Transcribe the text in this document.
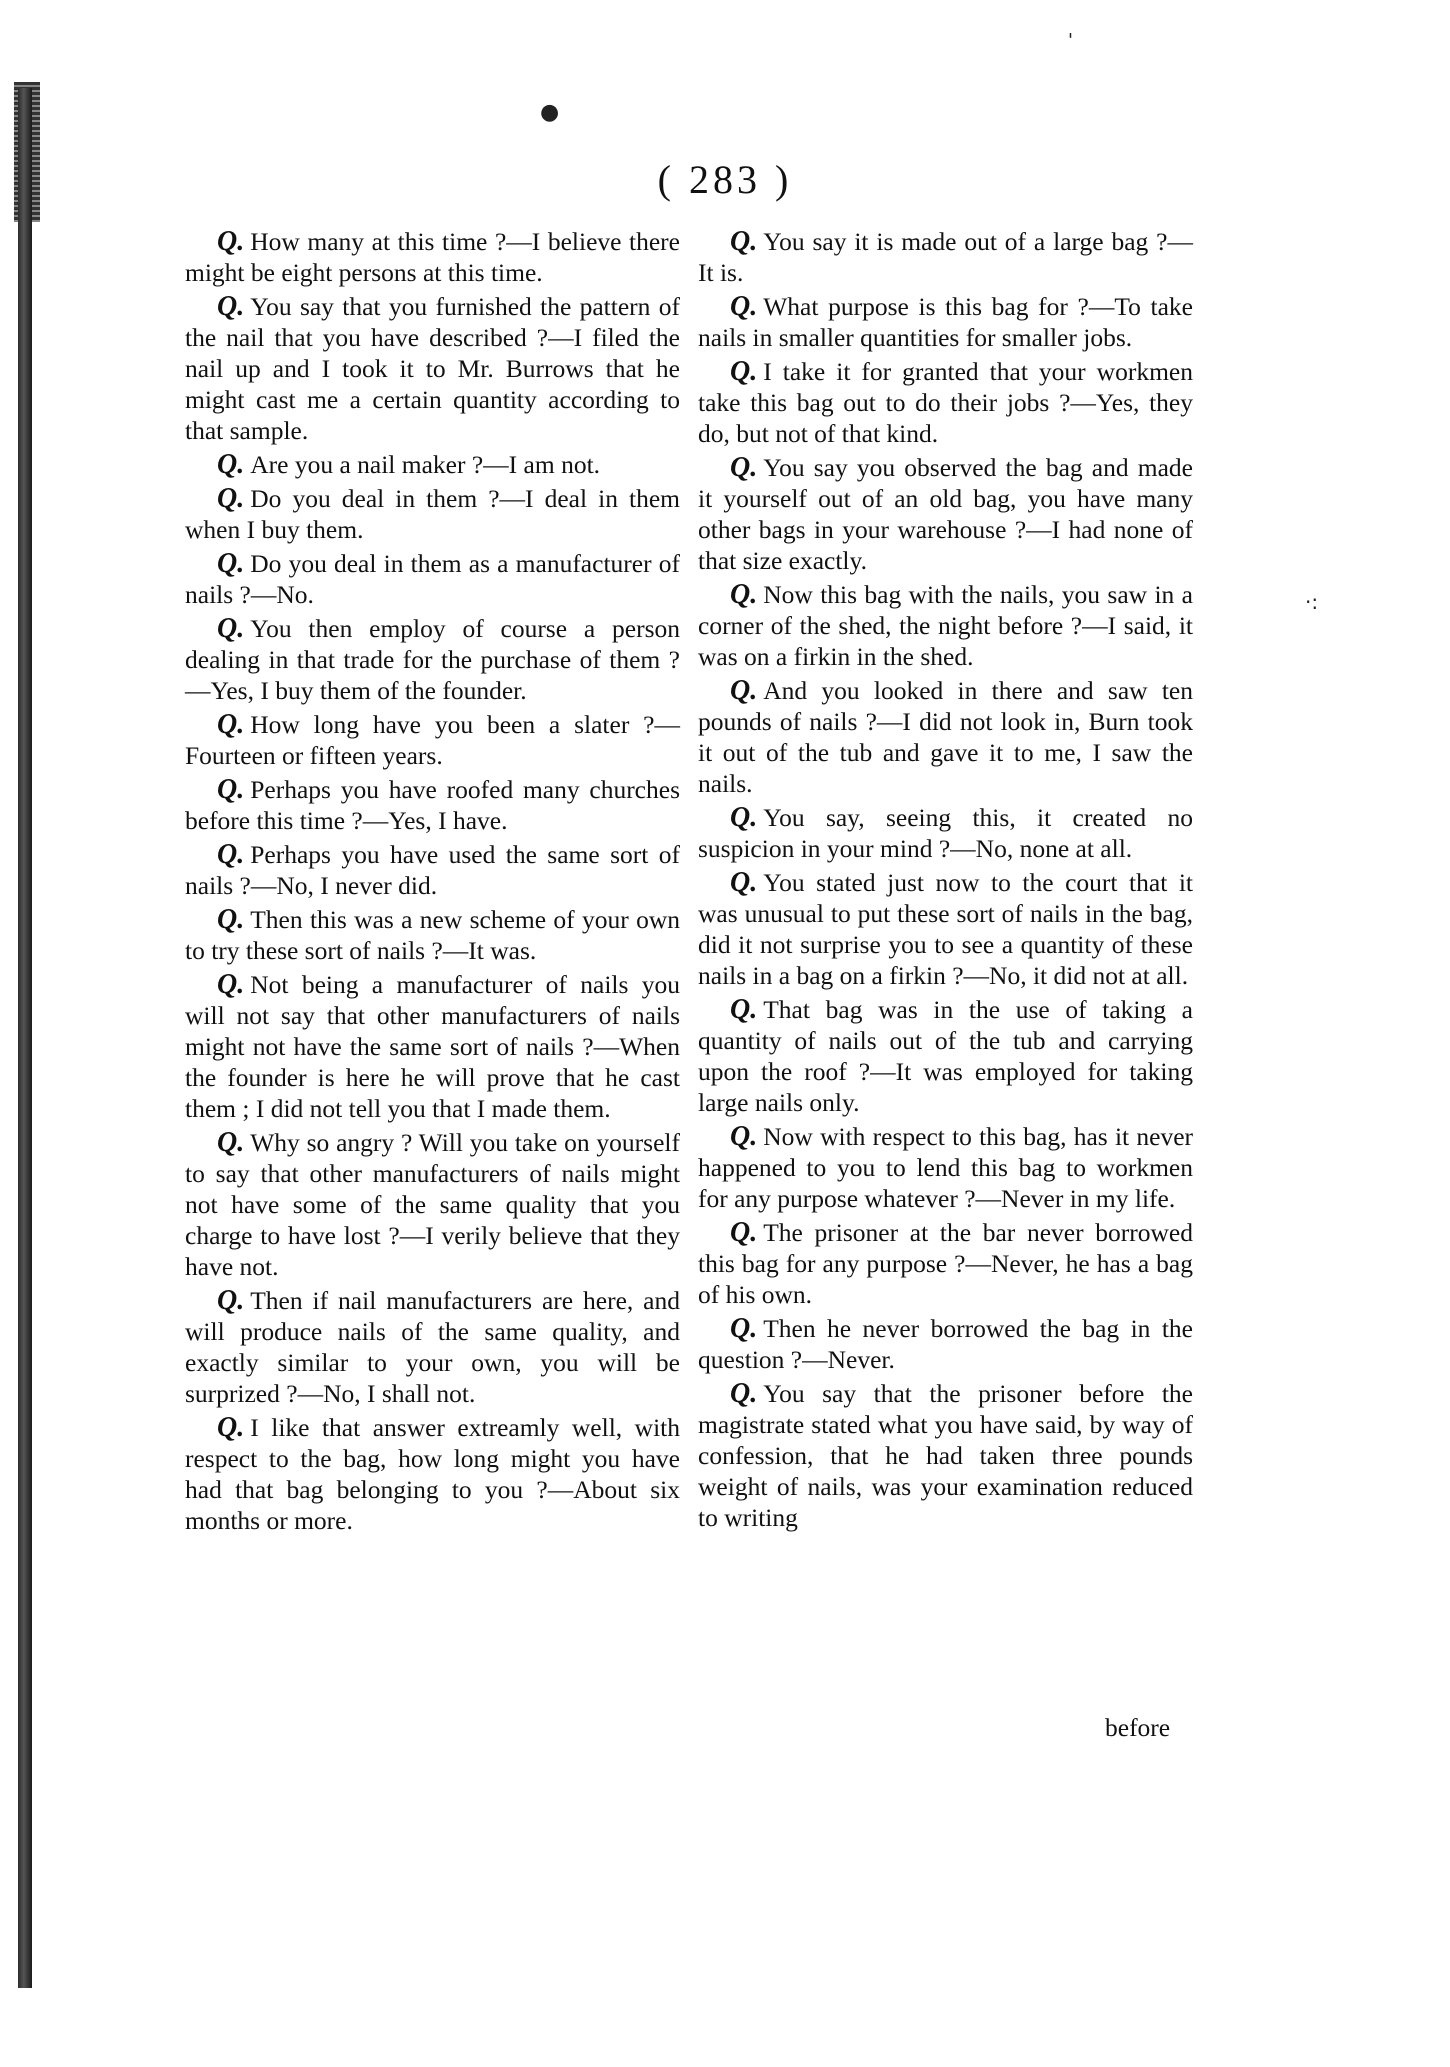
●
'
·:
( 283 )

Q. How many at this time ?—I believe there might be eight persons at this time.

Q. You say that you furnished the pattern of the nail that you have described ?—I filed the nail up and I took it to Mr. Burrows that he might cast me a certain quantity according to that sample.

Q. Are you a nail maker ?—I am not.

Q. Do you deal in them ?—I deal in them when I buy them.

Q. Do you deal in them as a manufacturer of nails ?—No.

Q. You then employ of course a person dealing in that trade for the purchase of them ?—Yes, I buy them of the founder.

Q. How long have you been a slater ?—Fourteen or fifteen years.

Q. Perhaps you have roofed many churches before this time ?—Yes, I have.

Q. Perhaps you have used the same sort of nails ?—No, I never did.

Q. Then this was a new scheme of your own to try these sort of nails ?—It was.

Q. Not being a manufacturer of nails you will not say that other manufacturers of nails might not have the same sort of nails ?—When the founder is here he will prove that he cast them ; I did not tell you that I made them.

Q. Why so angry ? Will you take on yourself to say that other manufacturers of nails might not have some of the same quality that you charge to have lost ?—I verily believe that they have not.

Q. Then if nail manufacturers are here, and will produce nails of the same quality, and exactly similar to your own, you will be surprized ?—No, I shall not.

Q. I like that answer extreamly well, with respect to the bag, how long might you have had that bag belonging to you ?—About six months or more.

Q. You say it is made out of a large bag ?—It is.

Q. What purpose is this bag for ?—To take nails in smaller quantities for smaller jobs.

Q. I take it for granted that your workmen take this bag out to do their jobs ?—Yes, they do, but not of that kind.

Q. You say you observed the bag and made it yourself out of an old bag, you have many other bags in your warehouse ?—I had none of that size exactly.

Q. Now this bag with the nails, you saw in a corner of the shed, the night before ?—I said, it was on a firkin in the shed.

Q. And you looked in there and saw ten pounds of nails ?—I did not look in, Burn took it out of the tub and gave it to me, I saw the nails.

Q. You say, seeing this, it created no suspicion in your mind ?—No, none at all.

Q. You stated just now to the court that it was unusual to put these sort of nails in the bag, did it not surprise you to see a quantity of these nails in a bag on a firkin ?—No, it did not at all.

Q. That bag was in the use of taking a quantity of nails out of the tub and carrying upon the roof ?—It was employed for taking large nails only.

Q. Now with respect to this bag, has it never happened to you to lend this bag to workmen for any purpose whatever ?—Never in my life.

Q. The prisoner at the bar never borrowed this bag for any purpose ?—Never, he has a bag of his own.

Q. Then he never borrowed the bag in the question ?—Never.

Q. You say that the prisoner before the magistrate stated what you have said, by way of confession, that he had taken three pounds weight of nails, was your examination reduced to writing

before
